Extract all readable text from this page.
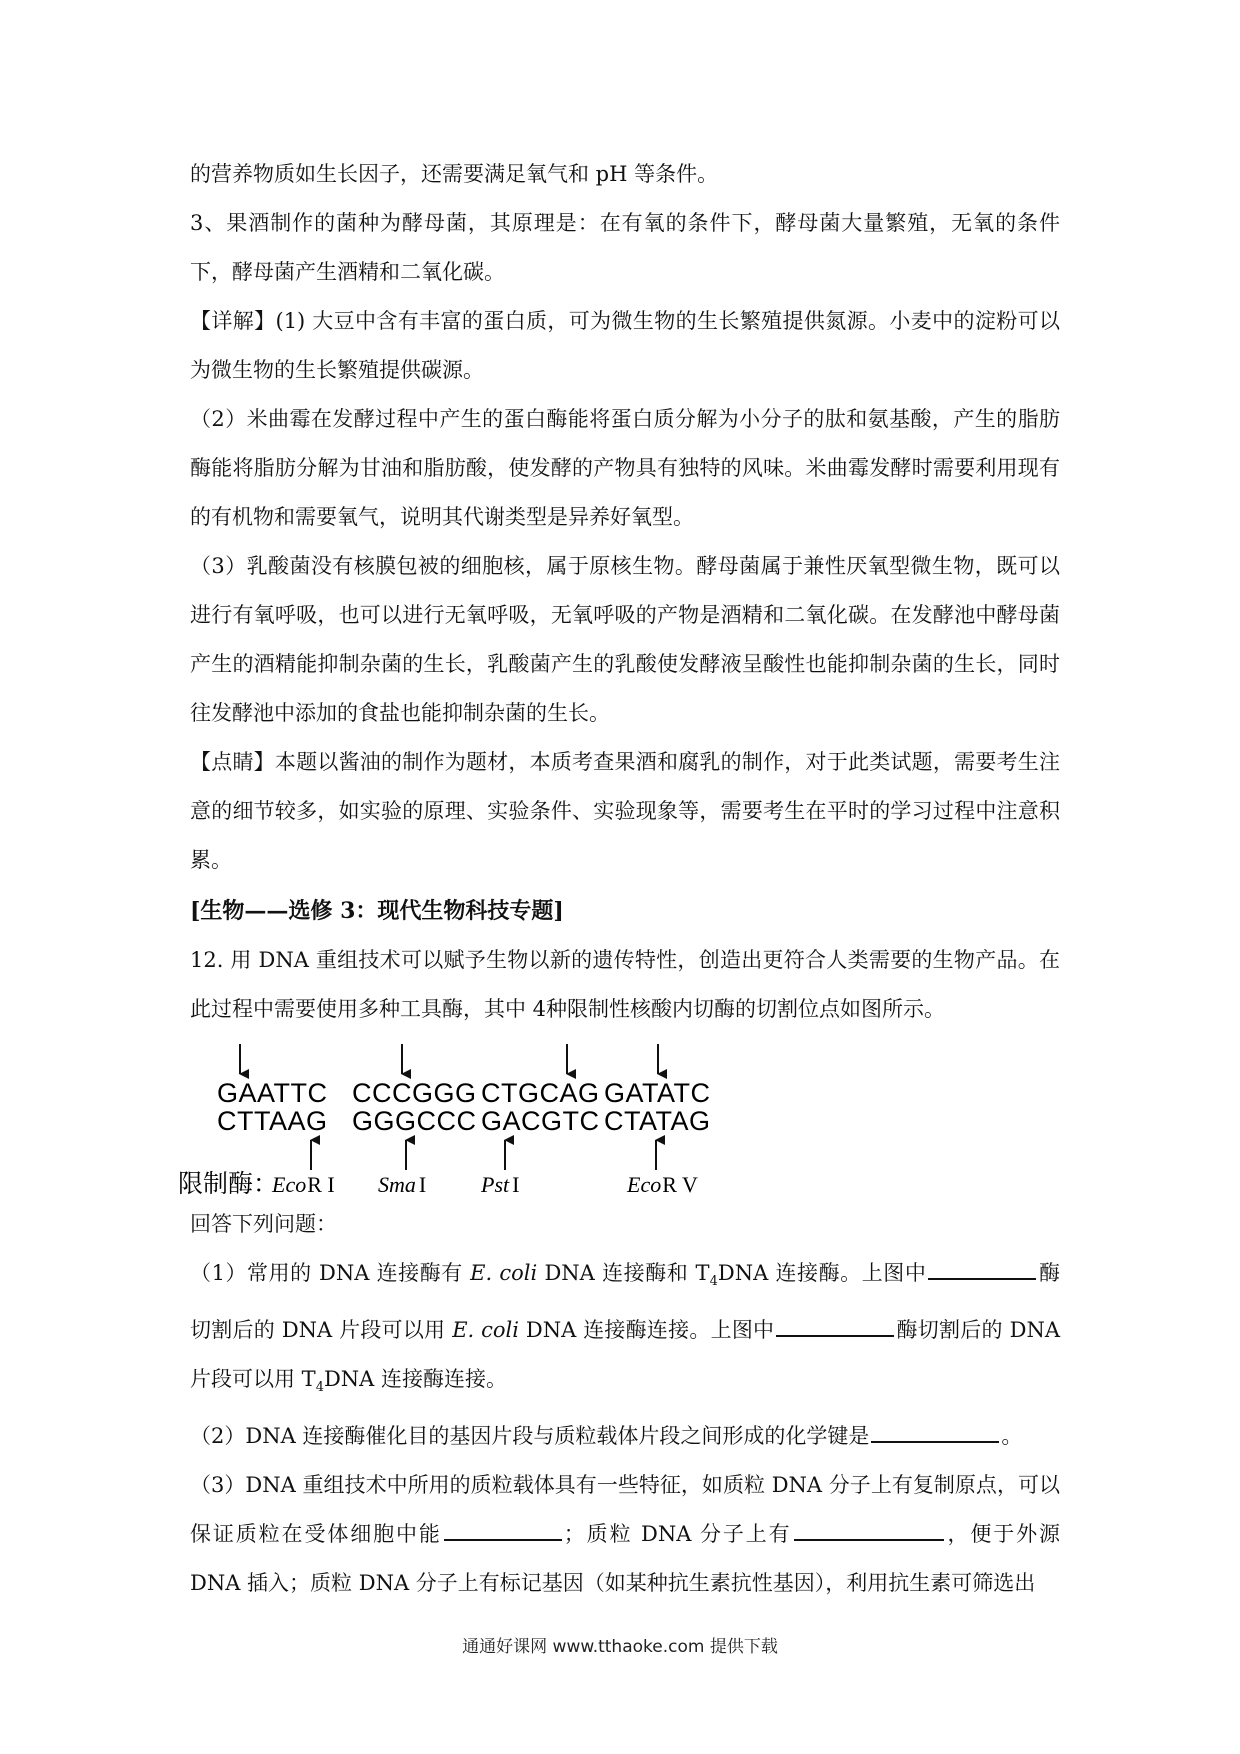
的营养物质如生长因子，还需要满足氧气和 pH 等条件。

3、果酒制作的菌种为酵母菌，其原理是：在有氧的条件下，酵母菌大量繁殖，无氧的条件下，酵母菌产生酒精和二氧化碳。

【详解】(1) 大豆中含有丰富的蛋白质，可为微生物的生长繁殖提供氮源。小麦中的淀粉可以为微生物的生长繁殖提供碳源。

（2）米曲霉在发酵过程中产生的蛋白酶能将蛋白质分解为小分子的肽和氨基酸，产生的脂肪酶能将脂肪分解为甘油和脂肪酸，使发酵的产物具有独特的风味。米曲霉发酵时需要利用现有的有机物和需要氧气，说明其代谢类型是异养好氧型。

（3）乳酸菌没有核膜包被的细胞核，属于原核生物。酵母菌属于兼性厌氧型微生物，既可以进行有氧呼吸，也可以进行无氧呼吸，无氧呼吸的产物是酒精和二氧化碳。在发酵池中酵母菌产生的酒精能抑制杂菌的生长，乳酸菌产生的乳酸使发酵液呈酸性也能抑制杂菌的生长，同时往发酵池中添加的食盐也能抑制杂菌的生长。

【点睛】本题以酱油的制作为题材，本质考查果酒和腐乳的制作，对于此类试题，需要考生注意的细节较多，如实验的原理、实验条件、实验现象等，需要考生在平时的学习过程中注意积累。

[生物——选修 3：现代生物科技专题]

12. 用 DNA 重组技术可以赋予生物以新的遗传特性，创造出更符合人类需要的生物产品。在此过程中需要使用多种工具酶，其中 4种限制性核酸内切酶的切割位点如图所示。

GAATTC CCCGGG CTGCAG GATATC
CTTAAG GGGCCC GACGTC CTATAG
限制酶：
EcoR I Sma I Pst I	EcoR V

回答下列问题：

（1）常用的 DNA 连接酶有 E. coli DNA 连接酶和 $T_4DNA$ 连接酶。上图中	酶切割后的 DNA 片段可以用 E. coli DNA 连接酶连接。上图中	酶切割后的 DNA 片段可以用 $T_4DNA$ 连接酶连接。

（2）DNA 连接酶催化目的基因片段与质粒载体片段之间形成的化学键是	。

（3）DNA 重组技术中所用的质粒载体具有一些特征，如质粒 DNA 分子上有复制原点，可以保证质粒在受体细胞中能	；质粒 DNA 分子上有	，便于外源 DNA 插入；质粒 DNA 分子上有标记基因（如某种抗生素抗性基因），利用抗生素可筛选出

通通好课网 www.tthaoke.com 提供下载
